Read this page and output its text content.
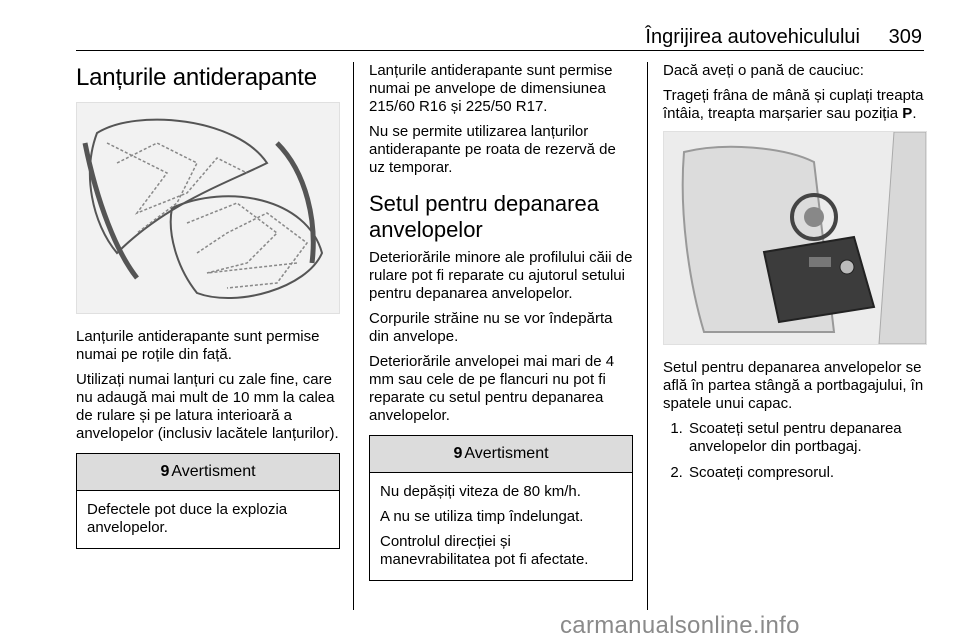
Îngrijirea autovehiculului 309
Lanțurile antiderapante

Lanțurile antiderapante sunt permise numai pe roțile din față.

Utilizați numai lanțuri cu zale fine, care nu adaugă mai mult de 10 mm la calea de rulare și pe latura interioară a anvelopelor (inclusiv lacătele lanțurilor).

9 Avertisment

Defectele pot duce la explozia anvelopelor.

Lanțurile antiderapante sunt permise numai pe anvelope de dimensiunea 215/60 R16 și 225/50 R17.

Nu se permite utilizarea lanțurilor antiderapante pe roata de rezervă de uz temporar.

Setul pentru depanarea anvelopelor

Deteriorările minore ale profilului căii de rulare pot fi reparate cu ajutorul setului pentru depanarea anvelopelor.

Corpurile străine nu se vor îndepărta din anvelope.

Deteriorările anvelopei mai mari de 4 mm sau cele de pe flancuri nu pot fi reparate cu setul pentru depanarea anvelopelor.

9 Avertisment

Nu depășiți viteza de 80 km/h.

A nu se utiliza timp îndelungat.

Controlul direcției și manevrabilitatea pot fi afectate.

Dacă aveți o pană de cauciuc:

Trageți frâna de mână și cuplați treapta întâia, treapta marșarier sau poziția P.

Setul pentru depanarea anvelopelor se află în partea stângă a portbagajului, în spatele unui capac.

1. Scoateți setul pentru depanarea anvelopelor din portbagaj.
2. Scoateți compresorul.
carmanualsonline.info
